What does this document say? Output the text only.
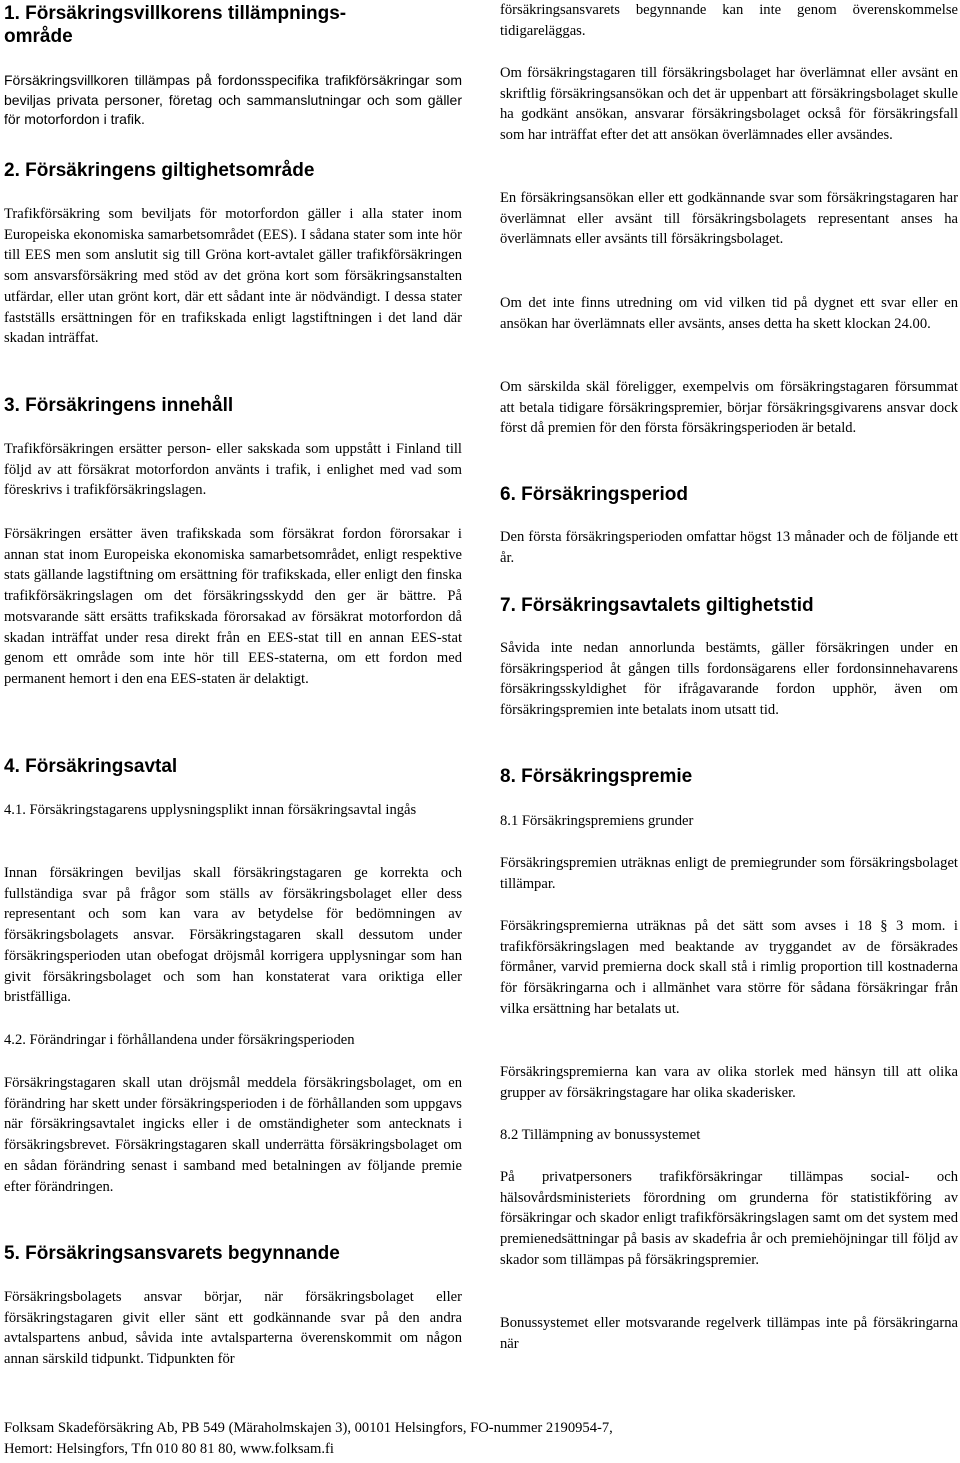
1. Försäkringsvillkorens tillämpnings-område

Försäkringsvillkoren tillämpas på fordonsspecifika trafikförsäkringar som beviljas privata personer, företag och sammanslutningar och som gäller för motorfordon i trafik.

2. Försäkringens giltighetsområde

Trafikförsäkring som beviljats för motorfordon gäller i alla stater inom Europeiska ekonomiska samarbetsområdet (EES). I sådana stater som inte hör till EES men som anslutit sig till Gröna kort-avtalet gäller trafikförsäkringen som ansvarsförsäkring med stöd av det gröna kort som försäkringsanstalten utfärdar, eller utan grönt kort, där ett sådant inte är nödvändigt. I dessa stater fastställs ersättningen för en trafikskada enligt lagstiftningen i det land där skadan inträffat.

3. Försäkringens innehåll

Trafikförsäkringen ersätter person- eller sakskada som uppstått i Finland till följd av att försäkrat motorfordon använts i trafik, i enlighet med vad som föreskrivs i trafikförsäkringslagen.

Försäkringen ersätter även trafikskada som försäkrat fordon förorsakar i annan stat inom Europeiska ekonomiska samarbetsområdet, enligt respektive stats gällande lagstiftning om ersättning för trafikskada, eller enligt den finska trafikförsäkringslagen om det försäkringsskydd den ger är bättre. På motsvarande sätt ersätts trafikskada förorsakad av försäkrat motorfordon då skadan inträffat under resa direkt från en EES-stat till en annan EES-stat genom ett område som inte hör till EES-staterna, om ett fordon med permanent hemort i den ena EES-staten är delaktigt.

4. Försäkringsavtal

4.1. Försäkringstagarens upplysningsplikt innan försäkringsavtal ingås

Innan försäkringen beviljas skall försäkringstagaren ge korrekta och fullständiga svar på frågor som ställs av försäkringsbolaget eller dess representant och som kan vara av betydelse för bedömningen av försäkringsbolagets ansvar. Försäkringstagaren skall dessutom under försäkringsperioden utan obefogat dröjsmål korrigera upplysningar som han givit försäkringsbolaget och som han konstaterat vara oriktiga eller bristfälliga.

4.2. Förändringar i förhållandena under försäkringsperioden

Försäkringstagaren skall utan dröjsmål meddela försäkringsbolaget, om en förändring har skett under försäkringsperioden i de förhållanden som uppgavs när försäkringsavtalet ingicks eller i de omständigheter som antecknats i försäkringsbrevet. Försäkringstagaren skall underrätta försäkringsbolaget om en sådan förändring senast i samband med betalningen av följande premie efter förändringen.

5. Försäkringsansvarets begynnande

Försäkringsbolagets ansvar börjar, när försäkringsbolaget eller försäkringstagaren givit eller sänt ett godkännande svar på den andra avtalspartens anbud, såvida inte avtalsparterna överenskommit om någon annan särskild tidpunkt. Tidpunkten för

försäkringsansvarets begynnande kan inte genom överenskommelse tidigareläggas.

Om försäkringstagaren till försäkringsbolaget har överlämnat eller avsänt en skriftlig försäkringsansökan och det är uppenbart att försäkringsbolaget skulle ha godkänt ansökan, ansvarar försäkringsbolaget också för försäkringsfall som har inträffat efter det att ansökan överlämnades eller avsändes.

En försäkringsansökan eller ett godkännande svar som försäkringstagaren har överlämnat eller avsänt till försäkringsbolagets representant anses ha överlämnats eller avsänts till försäkringsbolaget.

Om det inte finns utredning om vid vilken tid på dygnet ett svar eller en ansökan har överlämnats eller avsänts, anses detta ha skett klockan 24.00.

Om särskilda skäl föreligger, exempelvis om försäkringstagaren försummat att betala tidigare försäkringspremier, börjar försäkringsgivarens ansvar dock först då premien för den första försäkringsperioden är betald.

6. Försäkringsperiod

Den första försäkringsperioden omfattar högst 13 månader och de följande ett år.

7. Försäkringsavtalets giltighetstid

Såvida inte nedan annorlunda bestämts, gäller försäkringen under en försäkringsperiod åt gången tills fordonsägarens eller fordonsinnehavarens försäkringsskyldighet för ifrågavarande fordon upphör, även om försäkringspremien inte betalats inom utsatt tid.

8. Försäkringspremie

8.1 Försäkringspremiens grunder

Försäkringspremien uträknas enligt de premiegrunder som försäkringsbolaget tillämpar.

Försäkringspremierna uträknas på det sätt som avses i 18 § 3 mom. i trafikförsäkringslagen med beaktande av tryggandet av de försäkrades förmåner, varvid premierna dock skall stå i rimlig proportion till kostnaderna för försäkringarna och i allmänhet vara större för sådana försäkringar från vilka ersättning har betalats ut.

Försäkringspremierna kan vara av olika storlek med hänsyn till att olika grupper av försäkringstagare har olika skaderisker.

8.2 Tillämpning av bonussystemet

På privatpersoners trafikförsäkringar tillämpas social- och hälsovårdsministeriets förordning om grunderna för statistikföring av försäkringar och skador enligt trafikförsäkringslagen samt om det system med premienedsättningar på basis av skadefria år och premiehöjningar till följd av skador som tillämpas på försäkringspremier.

Bonussystemet eller motsvarande regelverk tillämpas inte på försäkringarna när

Folksam Skadeförsäkring Ab, PB 549 (Märaholmskajen 3), 00101 Helsingfors, FO-nummer 2190954-7,
Hemort: Helsingfors, Tfn 010 80 81 80, www.folksam.fi
